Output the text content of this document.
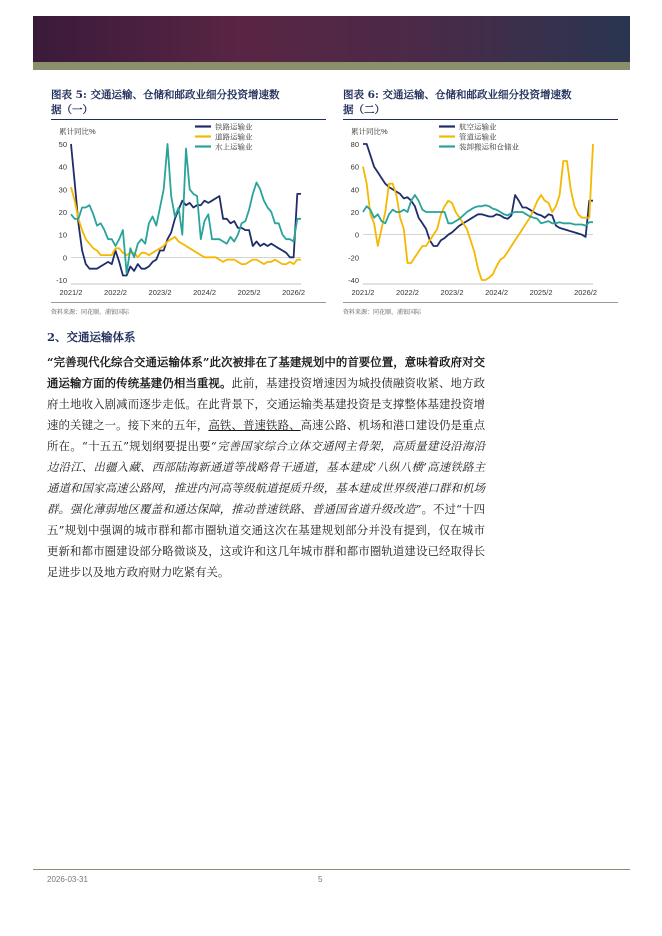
图表 5: 交通运输、仓储和邮政业细分投资增速数
据（一）
图表 6: 交通运输、仓储和邮政业细分投资增速数
据（二）
累计同比%
-10
0
10
20
30
40
50
2021/2	2022/2	2023/2	2024/2	2025/2	2026/2
铁路运输业
道路运输业
水上运输业
资料来源：同花顺、浦银国际
累计同比%
-40
-20
0
20
40
60
80
2021/2	2022/2	2023/2	2024/2	2025/2	2026/2
航空运输业
管道运输业
装卸搬运和仓储业
资料来源：同花顺、浦银国际
2、交通运输体系
“完善现代化综合交通运输体系”此次被排在了基建规划中的首要位置，意味着政府对交通运输方面的传统基建仍相当重视。此前，基建投资增速因为城投债融资收紧、地方政府土地收入剧减而逐步走低。在此背景下，交通运输类基建投资是支撑整体基建投资增速的关键之一。接下来的五年，高铁、普速铁路、高速公路、机场和港口建设仍是重点所在。“十五五”规划纲要提出要“完善国家综合立体交通网主骨架，高质量建设沿海沿边沿江、出疆入藏、西部陆海新通道等战略骨干通道，基本建成‘八纵八横’高速铁路主通道和国家高速公路网，推进内河高等级航道提质升级，基本建成世界级港口群和机场群。强化薄弱地区覆盖和通达保障，推动普速铁路、普通国省道升级改造”。不过“十四五”规划中强调的城市群和都市圈轨道交通这次在基建规划部分并没有提到，仅在城市更新和都市圈建设部分略微谈及，这或许和这几年城市群和都市圈轨道建设已经取得长足进步以及地方政府财力吃紧有关。
2026-03-31	5
